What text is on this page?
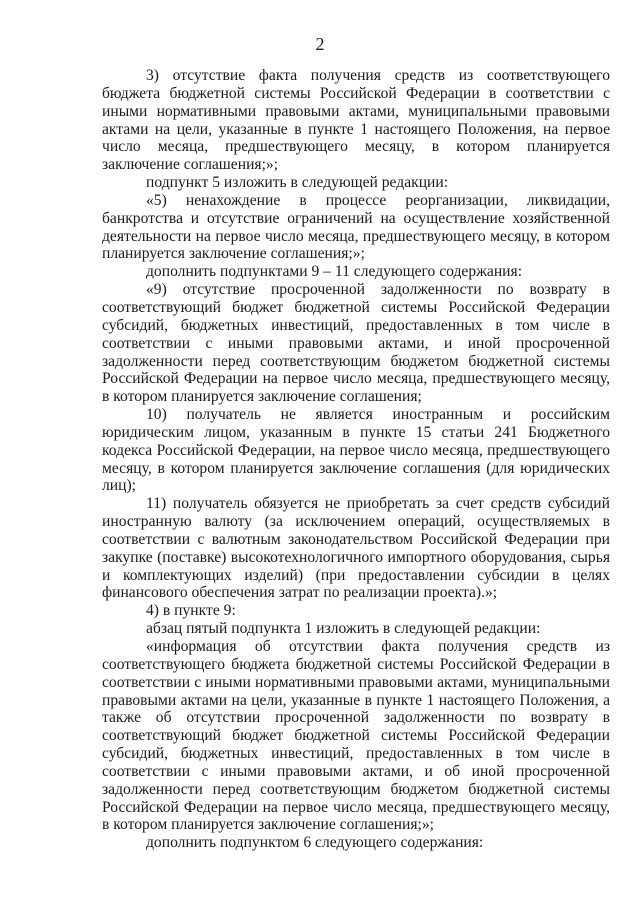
2

3) отсутствие факта получения средств из соответствующего бюджета бюджетной системы Российской Федерации в соответствии с иными нормативными правовыми актами, муниципальными правовыми актами на цели, указанные в пункте 1 настоящего Положения, на первое число месяца, предшествующего месяцу, в котором планируется заключение соглашения;»;

подпункт 5 изложить в следующей редакции:

«5) ненахождение в процессе реорганизации, ликвидации, банкротства и отсутствие ограничений на осуществление хозяйственной деятельности на первое число месяца, предшествующего месяцу, в котором планируется заключение соглашения;»;

дополнить подпунктами 9 – 11 следующего содержания:

«9) отсутствие просроченной задолженности по возврату в соответствующий бюджет бюджетной системы Российской Федерации субсидий, бюджетных инвестиций, предоставленных в том числе в соответствии с иными правовыми актами, и иной просроченной задолженности перед соответствующим бюджетом бюджетной системы Российской Федерации на первое число месяца, предшествующего месяцу, в котором планируется заключение соглашения;

10) получатель не является иностранным и российским юридическим лицом, указанным в пункте 15 статьи 241 Бюджетного кодекса Российской Федерации, на первое число месяца, предшествующего месяцу, в котором планируется заключение соглашения (для юридических лиц);

11) получатель обязуется не приобретать за счет средств субсидий иностранную валюту (за исключением операций, осуществляемых в соответствии с валютным законодательством Российской Федерации при закупке (поставке) высокотехнологичного импортного оборудования, сырья и комплектующих изделий) (при предоставлении субсидии в целях финансового обеспечения затрат по реализации проекта).»;

4) в пункте 9:

абзац пятый подпункта 1 изложить в следующей редакции:

«информация об отсутствии факта получения средств из соответствующего бюджета бюджетной системы Российской Федерации в соответствии с иными нормативными правовыми актами, муниципальными правовыми актами на цели, указанные в пункте 1 настоящего Положения, а также об отсутствии просроченной задолженности по возврату в соответствующий бюджет бюджетной системы Российской Федерации субсидий, бюджетных инвестиций, предоставленных в том числе в соответствии с иными правовыми актами, и об иной просроченной задолженности перед соответствующим бюджетом бюджетной системы Российской Федерации на первое число месяца, предшествующего месяцу, в котором планируется заключение соглашения;»;

дополнить подпунктом 6 следующего содержания:
